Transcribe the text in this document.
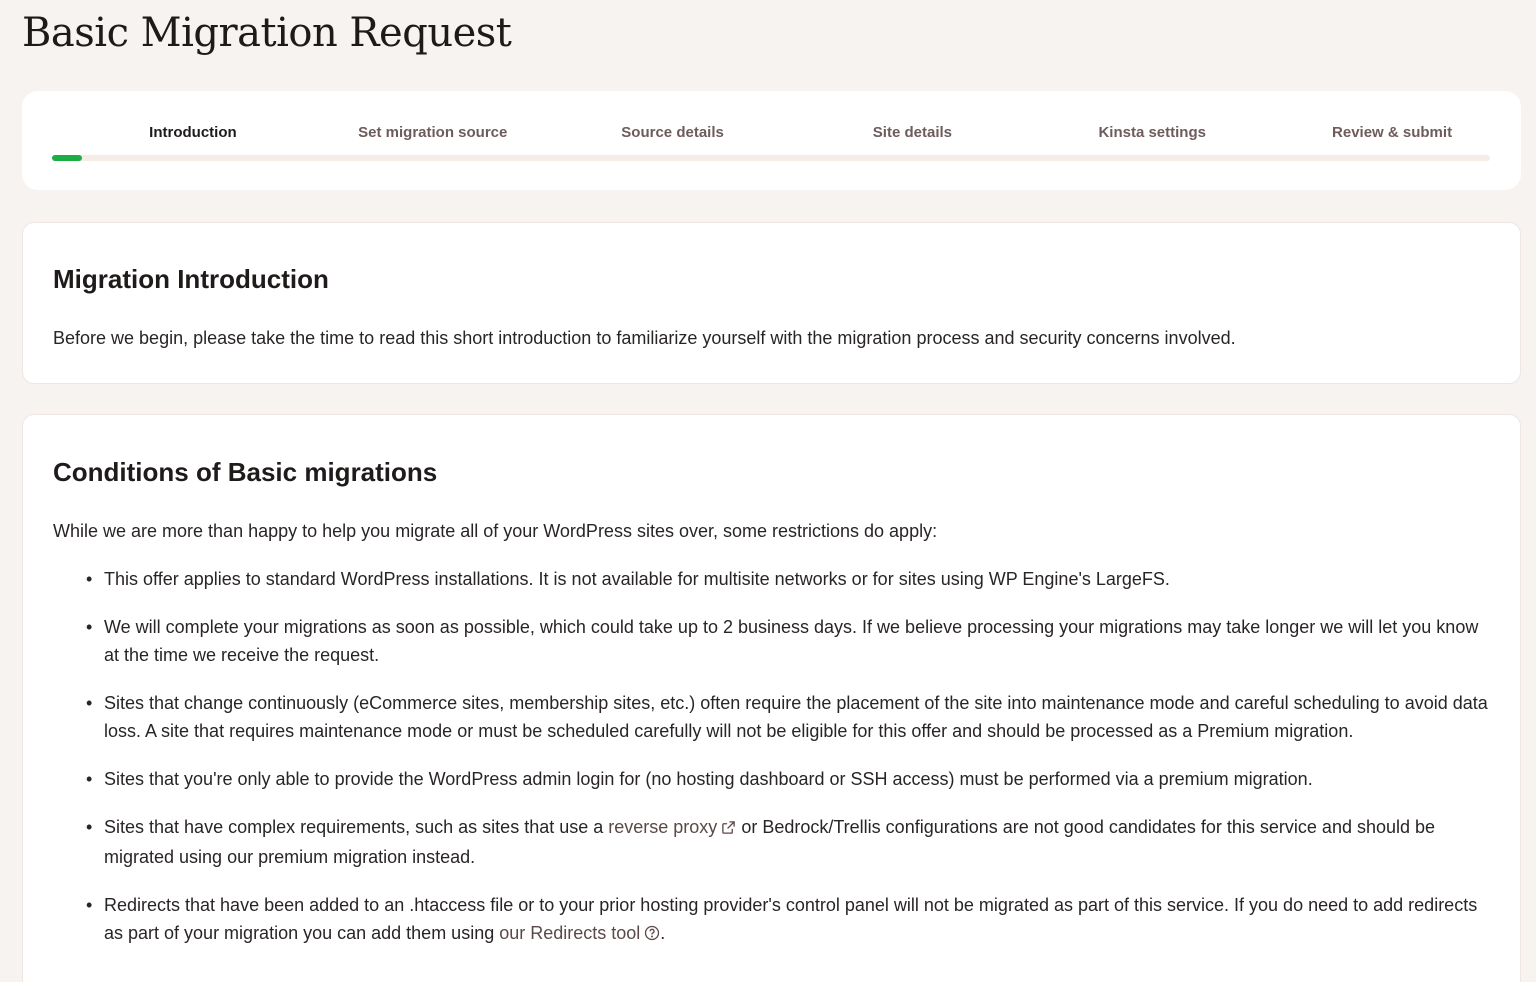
Basic Migration Request
Introduction	Set migration source	Source details	Site details	Kinsta settings	Review & submit
Migration Introduction

Before we begin, please take the time to read this short introduction to familiarize yourself with the migration process and security concerns involved.

Conditions of Basic migrations

While we are more than happy to help you migrate all of your WordPress sites over, some restrictions do apply:

• This offer applies to standard WordPress installations. It is not available for multisite networks or for sites using WP Engine's LargeFS.
• We will complete your migrations as soon as possible, which could take up to 2 business days. If we believe processing your migrations may take longer we will let you know at the time we receive the request.
• Sites that change continuously (eCommerce sites, membership sites, etc.) often require the placement of the site into maintenance mode and careful scheduling to avoid data loss. A site that requires maintenance mode or must be scheduled carefully will not be eligible for this offer and should be processed as a Premium migration.
• Sites that you're only able to provide the WordPress admin login for (no hosting dashboard or SSH access) must be performed via a premium migration.
• Sites that have complex requirements, such as sites that use a reverse proxy or Bedrock/Trellis configurations are not good candidates for this service and should be migrated using our premium migration instead.
• Redirects that have been added to an .htaccess file or to your prior hosting provider's control panel will not be migrated as part of this service. If you do need to add redirects as part of your migration you can add them using our Redirects tool .
